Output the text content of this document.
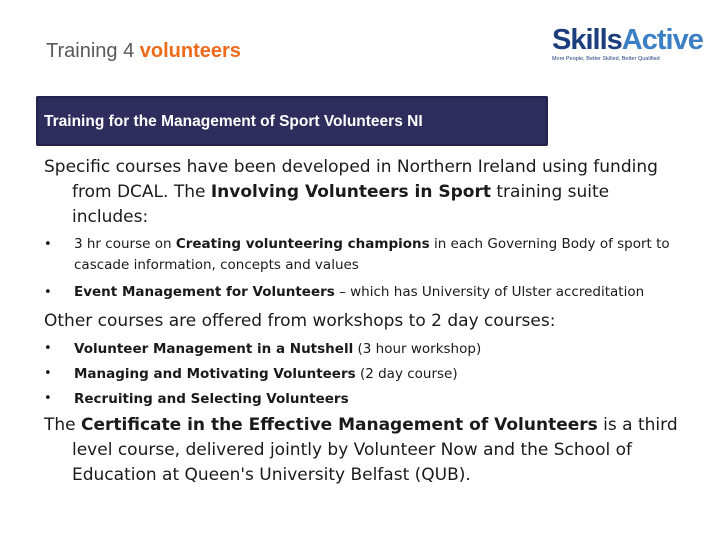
Training 4 volunteers	SkillsActive
More People, Better Skilled, Better Qualified
Training for the Management of Sport Volunteers NI

Specific courses have been developed in Northern Ireland using funding from DCAL. The Involving Volunteers in Sport training suite includes:

• 3 hr course on Creating volunteering champions in each Governing Body of sport to cascade information, concepts and values
• Event Management for Volunteers – which has University of Ulster accreditation

Other courses are offered from workshops to 2 day courses:

• Volunteer Management in a Nutshell (3 hour workshop)
• Managing and Motivating Volunteers (2 day course)
• Recruiting and Selecting Volunteers

The Certificate in the Effective Management of Volunteers is a third level course, delivered jointly by Volunteer Now and the School of Education at Queen's University Belfast (QUB).
